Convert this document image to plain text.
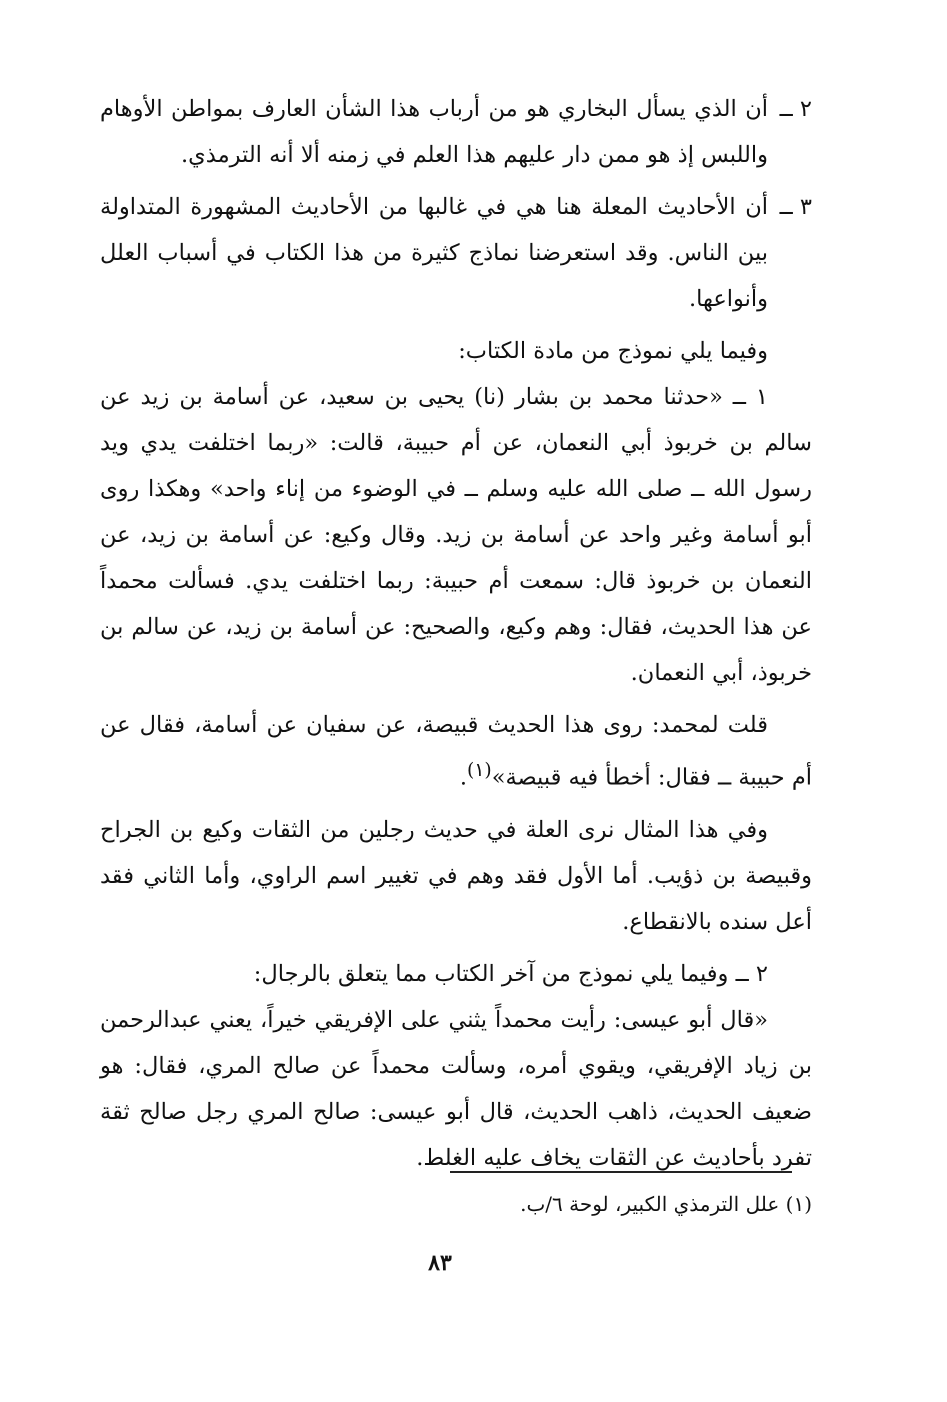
٢ ــ

أن الذي يسأل البخاري هو من أرباب هذا الشأن العارف بمواطن الأوهام واللبس إذ هو ممن دار عليهم هذا العلم في زمنه ألا أنه الترمذي.

٣ ــ

أن الأحاديث المعلة هنا هي في غالبها من الأحاديث المشهورة المتداولة بين الناس. وقد استعرضنا نماذج كثيرة من هذا الكتاب في أسباب العلل وأنواعها.

وفيما يلي نموذج من مادة الكتاب:

١ ــ «حدثنا محمد بن بشار (نا) يحيى بن سعيد، عن أسامة بن زيد عن سالم بن خربوذ أبي النعمان، عن أم حبيبة، قالت: «ربما اختلفت يدي ويد رسول الله ــ صلى الله عليه وسلم ــ في الوضوء من إناء واحد» وهكذا روى أبو أسامة وغير واحد عن أسامة بن زيد. وقال وكيع: عن أسامة بن زيد، عن النعمان بن خربوذ قال: سمعت أم حبيبة: ربما اختلفت يدي. فسألت محمداً عن هذا الحديث، فقال: وهم وكيع، والصحيح: عن أسامة بن زيد، عن سالم بن خربوذ، أبي النعمان.

قلت لمحمد: روى هذا الحديث قبيصة، عن سفيان عن أسامة، فقال عن أم حبيبة ــ فقال: أخطأ فيه قبيصة»$^{(١)}$.

وفي هذا المثال نرى العلة في حديث رجلين من الثقات وكيع بن الجراح وقبيصة بن ذؤيب. أما الأول فقد وهم في تغيير اسم الراوي، وأما الثاني فقد أعل سنده بالانقطاع.

٢ ــ وفيما يلي نموذج من آخر الكتاب مما يتعلق بالرجال:

«قال أبو عيسى: رأيت محمداً يثني على الإفريقي خيراً، يعني عبدالرحمن بن زياد الإفريقي، ويقوي أمره، وسألت محمداً عن صالح المري، فقال: هو ضعيف الحديث، ذاهب الحديث، قال أبو عيسى: صالح المري رجل صالح ثقة تفرد بأحاديث عن الثقات يخاف عليه الغلط.

(١) علل الترمذي الكبير، لوحة ٦/ب.

٨٣
